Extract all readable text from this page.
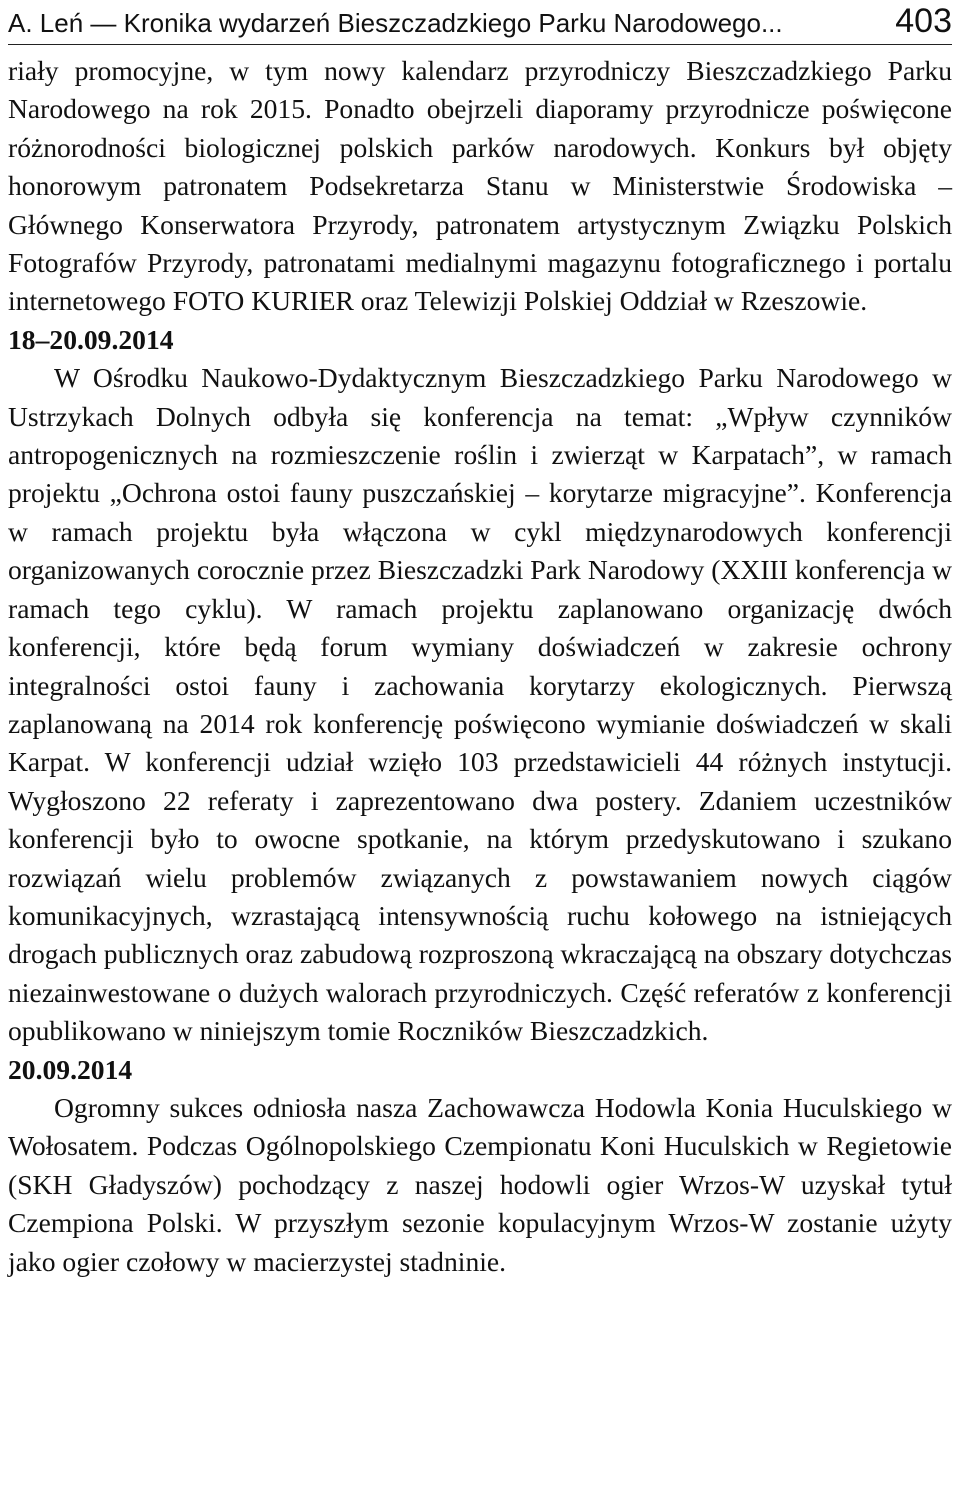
A. Leń — Kronika wydarzeń Bieszczadzkiego Parku Narodowego...	403

riały promocyjne, w tym nowy kalendarz przyrodniczy Bieszczadzkiego Parku Narodowego na rok 2015. Ponadto obejrzeli diaporamy przyrodnicze poświęcone różnorodności biologicznej polskich parków narodowych. Konkurs był objęty honorowym patronatem Podsekretarza Stanu w Ministerstwie Środowiska – Głównego Konserwatora Przyrody, patronatem artystycznym Związku Polskich Fotografów Przyrody, patronatami medialnymi magazynu fotograficznego i portalu internetowego FOTO KURIER oraz Telewizji Polskiej Oddział w Rzeszowie.

18–20.09.2014

W Ośrodku Naukowo-Dydaktycznym Bieszczadzkiego Parku Narodowego w Ustrzykach Dolnych odbyła się konferencja na temat: „Wpływ czynników antropogenicznych na rozmieszczenie roślin i zwierząt w Karpatach”, w ramach projektu „Ochrona ostoi fauny puszczańskiej – korytarze migracyjne”. Konferencja w ramach projektu była włączona w cykl międzynarodowych konferencji organizowanych corocznie przez Bieszczadzki Park Narodowy (XXIII konferencja w ramach tego cyklu). W ramach projektu zaplanowano organizację dwóch konferencji, które będą forum wymiany doświadczeń w zakresie ochrony integralności ostoi fauny i zachowania korytarzy ekologicznych. Pierwszą zaplanowaną na 2014 rok konferencję poświęcono wymianie doświadczeń w skali Karpat. W konferencji udział wzięło 103 przedstawicieli 44 różnych instytucji. Wygłoszono 22 referaty i zaprezentowano dwa postery. Zdaniem uczestników konferencji było to owocne spotkanie, na którym przedyskutowano i szukano rozwiązań wielu problemów związanych z powstawaniem nowych ciągów komunikacyjnych, wzrastającą intensywnością ruchu kołowego na istniejących drogach publicznych oraz zabudową rozproszoną wkraczającą na obszary dotychczas niezainwestowane o dużych walorach przyrodniczych. Część referatów z konferencji opublikowano w niniejszym tomie Roczników Bieszczadzkich.

20.09.2014

Ogromny sukces odniosła nasza Zachowawcza Hodowla Konia Huculskiego w Wołosatem. Podczas Ogólnopolskiego Czempionatu Koni Huculskich w Regietowie (SKH Gładyszów) pochodzący z naszej hodowli ogier Wrzos-W uzyskał tytuł Czempiona Polski. W przyszłym sezonie kopulacyjnym Wrzos-W zostanie użyty jako ogier czołowy w macierzystej stadninie.
